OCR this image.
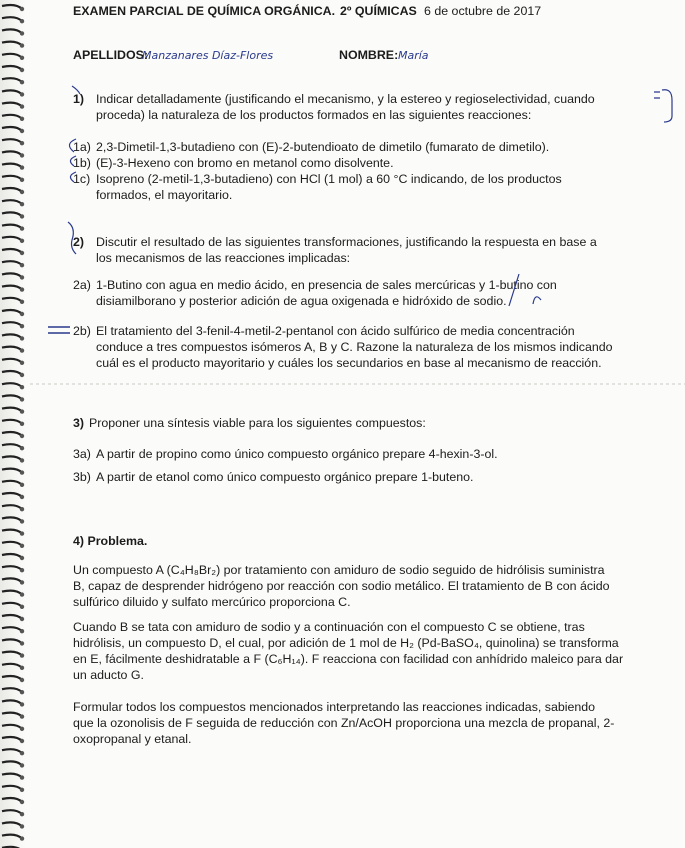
EXAMEN PARCIAL DE QUÍMICA ORGÁNICA. 2º QUÍMICAS 6 de octubre de 2017
APELLIDOS:
Manzanares Díaz-Flores	NOMBRE: María
1) Indicar detalladamente (justificando el mecanismo, y la estereo y regioselectividad, cuando
proceda) la naturaleza de los productos formados en las siguientes reacciones:
1a) 2,3-Dimetil-1,3-butadieno con (E)-2-butendioato de dimetilo (fumarato de dimetilo).
1b) (E)-3-Hexeno con bromo en metanol como disolvente.
1c) Isopreno (2-metil-1,3-butadieno) con HCl (1 mol) a 60 °C indicando, de los productos
formados, el mayoritario.
2) Discutir el resultado de las siguientes transformaciones, justificando la respuesta en base a
los mecanismos de las reacciones implicadas:
2a) 1-Butino con agua en medio ácido, en presencia de sales mercúricas y 1-butino con
disiamilborano y posterior adición de agua oxigenada e hidróxido de sodio.
2b) El tratamiento del 3-fenil-4-metil-2-pentanol con ácido sulfúrico de media concentración
conduce a tres compuestos isómeros A, B y C. Razone la naturaleza de los mismos indicando
cuál es el producto mayoritario y cuáles los secundarios en base al mecanismo de reacción.
3) Proponer una síntesis viable para los siguientes compuestos:
3a) A partir de propino como único compuesto orgánico prepare 4-hexin-3-ol.
3b) A partir de etanol como único compuesto orgánico prepare 1-buteno.
4) Problema.
Un compuesto A (C₄H₈Br₂) por tratamiento con amiduro de sodio seguido de hidrólisis suministra
B, capaz de desprender hidrógeno por reacción con sodio metálico. El tratamiento de B con ácido
sulfúrico diluido y sulfato mercúrico proporciona C.
Cuando B se tata con amiduro de sodio y a continuación con el compuesto C se obtiene, tras
hidrólisis, un compuesto D, el cual, por adición de 1 mol de H₂ (Pd-BaSO₄, quinolina) se transforma
en E, fácilmente deshidratable a F (C₆H₁₄). F reacciona con facilidad con anhídrido maleico para dar
un aducto G.
Formular todos los compuestos mencionados interpretando las reacciones indicadas, sabiendo
que la ozonolisis de F seguida de reducción con Zn/AcOH proporciona una mezcla de propanal, 2-
oxopropanal y etanal.
